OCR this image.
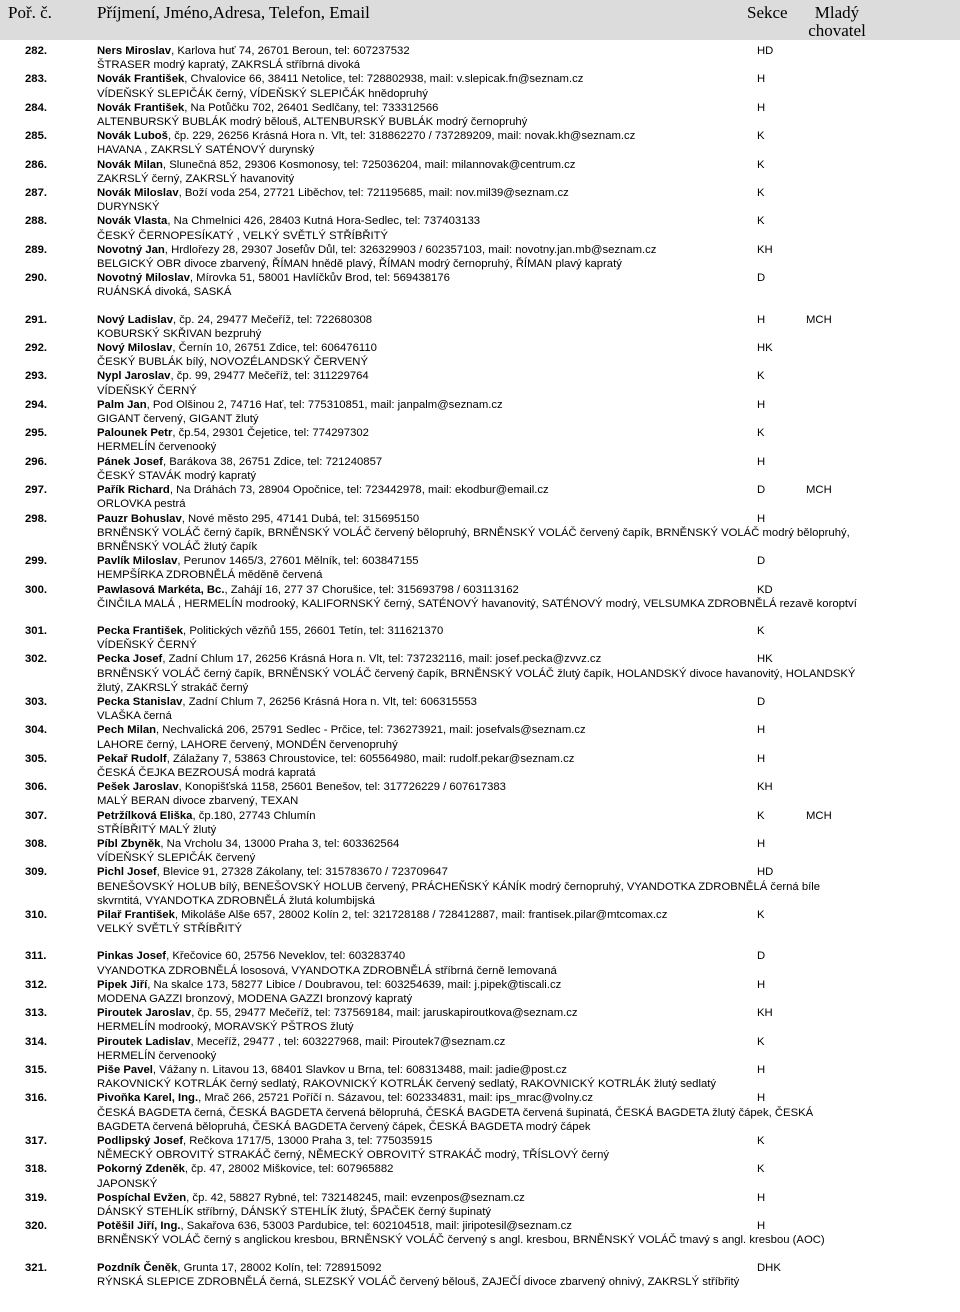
Poř. č.	Příjmení, Jméno,Adresa, Telefon, Email	Sekce	Mladý chovatel
282.	Ners Miroslav, Karlova huť 74, 26701 Beroun, tel: 607237532	HD
ŠTRASER modrý kapratý, ZAKRSLÁ stříbrná divoká
283.	Novák František, Chvalovice 66, 38411 Netolice, tel: 728802938, mail: v.slepicak.fn@seznam.cz	H
VÍDEŇSKÝ SLEPIČÁK černý, VÍDEŇSKÝ SLEPIČÁK hnědopruhý
284.	Novák František, Na Potůčku 702, 26401 Sedlčany, tel: 733312566	H
ALTENBURSKÝ BUBLÁK modrý bělouš, ALTENBURSKÝ BUBLÁK modrý černopruhý
285.	Novák Luboš, čp. 229, 26256 Krásná Hora n. Vlt, tel: 318862270 / 737289209, mail: novak.kh@seznam.cz	K
HAVANA , ZAKRSLÝ SATÉNOVÝ durynský
286.	Novák Milan, Slunečná 852, 29306 Kosmonosy, tel: 725036204, mail: milannovak@centrum.cz	K
ZAKRSLÝ černý, ZAKRSLÝ havanovitý
287.	Novák Miloslav, Boží voda 254, 27721 Liběchov, tel: 721195685, mail: nov.mil39@seznam.cz	K
DURYNSKÝ
288.	Novák Vlasta, Na Chmelnici 426, 28403 Kutná Hora-Sedlec, tel: 737403133	K
ČESKÝ ČERNOPESÍKATÝ , VELKÝ SVĚTLÝ STŘÍBŘITÝ
289.	Novotný Jan, Hrdlořezy 28, 29307 Josefův Důl, tel: 326329903 / 602357103, mail: novotny.jan.mb@seznam.cz	KH
BELGICKÝ OBR divoce zbarvený, ŘÍMAN hnědě plavý, ŘÍMAN modrý černopruhý, ŘÍMAN plavý kapratý
290.	Novotný Miloslav, Mírovka 51, 58001 Havlíčkův Brod, tel: 569438176	D
RUÁNSKÁ divoká, SASKÁ
291.	Nový Ladislav, čp. 24, 29477 Mečeříž, tel: 722680308	H	MCH
KOBURSKÝ SKŘIVAN bezpruhý
292.	Nový Miloslav, Černín 10, 26751 Zdice, tel: 606476110	HK
ČESKÝ BUBLÁK bílý, NOVOZÉLANDSKÝ ČERVENÝ
293.	Nypl Jaroslav, čp. 99, 29477 Mečeříž, tel: 311229764	K
VÍDEŇSKÝ ČERNÝ
294.	Palm Jan, Pod Olšinou 2, 74716 Hať, tel: 775310851, mail: janpalm@seznam.cz	H
GIGANT červený, GIGANT žlutý
295.	Palounek Petr, čp.54, 29301 Čejetice, tel: 774297302	K
HERMELÍN červenooký
296.	Pánek Josef, Barákova 38, 26751 Zdice, tel: 721240857	H
ČESKÝ STAVÁK modrý kapratý
297.	Pařík Richard, Na Dráhách 73, 28904 Opočnice, tel: 723442978, mail: ekodbur@email.cz	D	MCH
ORLOVKA pestrá
298.	Pauzr Bohuslav, Nové město 295, 47141 Dubá, tel: 315695150	H
BRNĚNSKÝ VOLÁČ černý čapík, BRNĚNSKÝ VOLÁČ červený bělopruhý, BRNĚNSKÝ VOLÁČ červený čapík, BRNĚNSKÝ VOLÁČ modrý bělopruhý, BRNĚNSKÝ VOLÁČ žlutý čapík
299.	Pavlík Miloslav, Perunov 1465/3, 27601 Mělník, tel: 603847155	D
HEMPŠÍRKA ZDROBNĚLÁ měděně červená
300.	Pawlasová Markéta, Bc., Zahájí 16, 277 37 Chorušice, tel: 315693798 / 603113162	KD
ČINČILA MALÁ , HERMELÍN modrooký, KALIFORNSKÝ černý, SATÉNOVÝ havanovitý, SATÉNOVÝ modrý, VELSUMKA ZDROBNĚLÁ rezavě koroptví
301.	Pecka František, Politických vězňů 155, 26601 Tetín, tel: 311621370	K
VÍDEŇSKÝ ČERNÝ
302.	Pecka Josef, Zadní Chlum 17, 26256 Krásná Hora n. Vlt, tel: 737232116, mail: josef.pecka@zvvz.cz	HK
BRNĚNSKÝ VOLÁČ černý čapík, BRNĚNSKÝ VOLÁČ červený čapík, BRNĚNSKÝ VOLÁČ žlutý čapík, HOLANDSKÝ divoce havanovitý, HOLANDSKÝ žlutý, ZAKRSLÝ strakáč černý
303.	Pecka Stanislav, Zadní Chlum 7, 26256 Krásná Hora n. Vlt, tel: 606315553	D
VLAŠKA černá
304.	Pech Milan, Nechvalická 206, 25791 Sedlec - Prčice, tel: 736273921, mail: josefvals@seznam.cz	H
LAHORE černý, LAHORE červený, MONDÉN červenopruhý
305.	Pekař Rudolf, Zálažany 7, 53863 Chroustovice, tel: 605564980, mail: rudolf.pekar@seznam.cz	H
ČESKÁ ČEJKA BEZROUSÁ modrá kapratá
306.	Pešek Jaroslav, Konopišťská 1158, 25601 Benešov, tel: 317726229 / 607617383	KH
MALÝ BERAN divoce zbarvený, TEXAN
307.	Petržílková Eliška, čp.180, 27743 Chlumín	K	MCH
STŘÍBŘITÝ MALÝ žlutý
308.	Píbl Zbyněk, Na Vrcholu 34, 13000 Praha 3, tel: 603362564	H
VÍDEŇSKÝ SLEPIČÁK červený
309.	Pichl Josef, Blevice 91, 27328 Zákolany, tel: 315783670 / 723709647	HD
BENEŠOVSKÝ HOLUB bílý, BENEŠOVSKÝ HOLUB červený, PRÁCHEŇSKÝ KÁNÍK modrý černopruhý, VYANDOTKA ZDROBNĚLÁ černá bíle skvrntitá, VYANDOTKA ZDROBNĚLÁ žlutá kolumbijská
310.	Pilař František, Mikoláše Alše 657, 28002 Kolín 2, tel: 321728188 / 728412887, mail: frantisek.pilar@mtcomax.cz	K
VELKÝ SVĚTLÝ STŘÍBŘITÝ
311.	Pinkas Josef, Křečovice 60, 25756 Neveklov, tel: 603283740	D
VYANDOTKA ZDROBNĚLÁ lososová, VYANDOTKA ZDROBNĚLÁ stříbrná černě lemovaná
312.	Pipek Jiří, Na skalce 173, 58277 Libice / Doubravou, tel: 603254639, mail: j.pipek@tiscali.cz	H
MODENA GAZZI bronzový, MODENA GAZZI bronzový kapratý
313.	Piroutek Jaroslav, čp. 55, 29477 Mečeříž, tel: 737569184, mail: jaruskapiroutkova@seznam.cz	KH
HERMELÍN modrooký, MORAVSKÝ PŠTROS žlutý
314.	Piroutek Ladislav, Meceříž, 29477 , tel: 603227968, mail: Piroutek7@seznam.cz	K
HERMELÍN červenooký
315.	Piše Pavel, Vážany n. Litavou 13, 68401 Slavkov u Brna, tel: 608313488, mail: jadie@post.cz	H
RAKOVNICKÝ KOTRLÁK černý sedlatý, RAKOVNICKÝ KOTRLÁK červený sedlatý, RAKOVNICKÝ KOTRLÁK žlutý sedlatý
316.	Pivoňka Karel, Ing., Mrač 266, 25721 Poříčí n. Sázavou, tel: 602334831, mail: ips_mrac@volny.cz	H
ČESKÁ BAGDETA černá, ČESKÁ BAGDETA červená bělopruhá, ČESKÁ BAGDETA červená šupinatá, ČESKÁ BAGDETA žlutý čápek, ČESKÁ BAGDETA červená bělopruhá, ČESKÁ BAGDETA červený čápek, ČESKÁ BAGDETA modrý čápek
317.	Podlipský Josef, Rečkova 1717/5, 13000 Praha 3, tel: 775035915	K
NĚMECKÝ OBROVITÝ STRAKÁČ černý, NĚMECKÝ OBROVITÝ STRAKÁČ modrý, TŘÍSLOVÝ černý
318.	Pokorný Zdeněk, čp. 47, 28002 Miškovice, tel: 607965882	K
JAPONSKÝ
319.	Pospíchal Evžen, čp. 42, 58827 Rybné, tel: 732148245, mail: evzenpos@seznam.cz	H
DÁNSKÝ STEHLÍK stříbrný, DÁNSKÝ STEHLÍK žlutý, ŠPAČEK černý šupinatý
320.	Potěšil Jiří, Ing., Sakařova 636, 53003 Pardubice, tel: 602104518, mail: jiripotesil@seznam.cz	H
BRNĚNSKÝ VOLÁČ černý s anglickou kresbou, BRNĚNSKÝ VOLÁČ červený s angl. kresbou, BRNĚNSKÝ VOLÁČ tmavý s angl. kresbou (AOC)
321.	Pozdník Čeněk, Grunta 17, 28002 Kolín, tel: 728915092	DHK
RÝNSKÁ SLEPICE ZDROBNĚLÁ černá, SLEZSKÝ VOLÁČ červený bělouš, ZAJEČÍ divoce zbarvený ohnivý, ZAKRSLÝ stříbřitý
